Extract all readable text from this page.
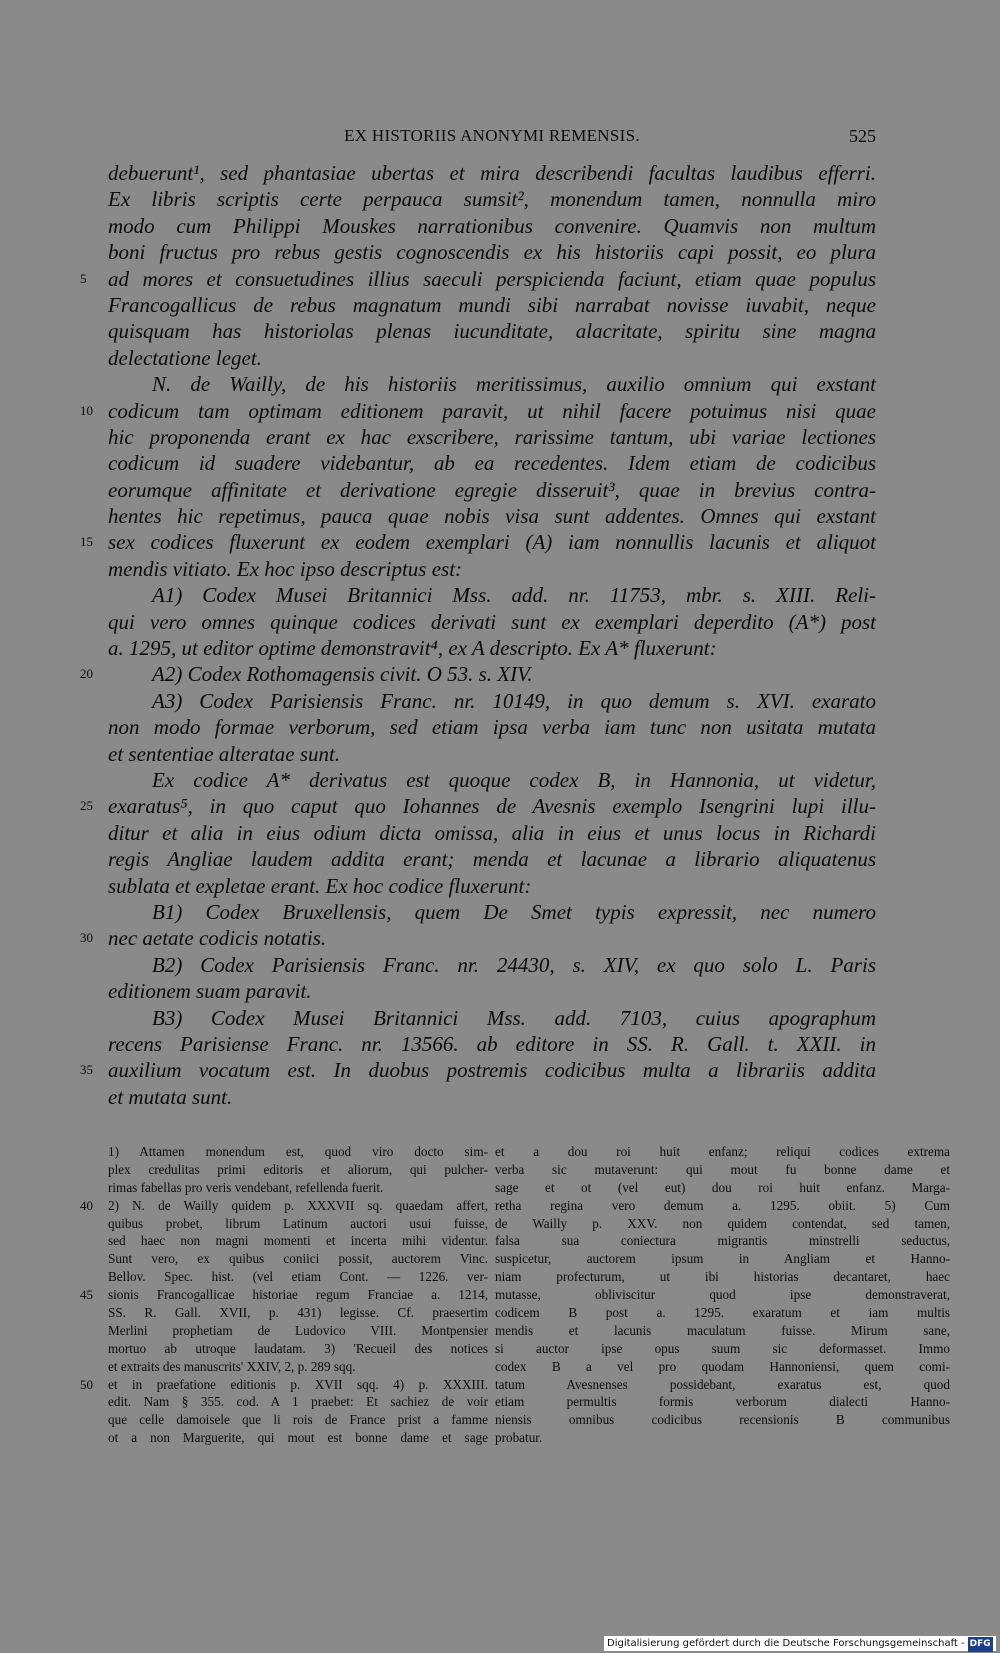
EX HISTORIIS ANONYMI REMENSIS.	525
debuerunt¹, sed phantasiae ubertas et mira describendi facultas laudibus efferri.
Ex libris scriptis certe perpauca sumsit², monendum tamen, nonnulla miro
modo cum Philippi Mouskes narrationibus convenire. Quamvis non multum
boni fructus pro rebus gestis cognoscendis ex his historiis capi possit, eo plura
5	ad mores et consuetudines illius saeculi perspicienda faciunt, etiam quae populus
Francogallicus de rebus magnatum mundi sibi narrabat novisse iuvabit, neque
quisquam has historiolas plenas iucunditate, alacritate, spiritu sine magna
delectatione leget.
N. de Wailly, de his historiis meritissimus, auxilio omnium qui exstant
10 codicum tam optimam editionem paravit, ut nihil facere potuimus nisi quae
hic proponenda erant ex hac exscribere, rarissime tantum, ubi variae lectiones
codicum id suadere videbantur, ab ea recedentes. Idem etiam de codicibus
eorumque affinitate et derivatione egregie disseruit³, quae in brevius contra-
hentes hic repetimus, pauca quae nobis visa sunt addentes. Omnes qui exstant
15 sex codices fluxerunt ex eodem exemplari (A) iam nonnullis lacunis et aliquot
mendis vitiato. Ex hoc ipso descriptus est:
A1) Codex Musei Britannici Mss. add. nr. 11753, mbr. s. XIII. Reli-
qui vero omnes quinque codices derivati sunt ex exemplari deperdito (A*) post
a. 1295, ut editor optime demonstravit⁴, ex A descripto. Ex A* fluxerunt:
20	A2) Codex Rothomagensis civit. O 53. s. XIV.
A3) Codex Parisiensis Franc. nr. 10149, in quo demum s. XVI. exarato
non modo formae verborum, sed etiam ipsa verba iam tunc non usitata mutata
et sententiae alteratae sunt.
Ex codice A* derivatus est quoque codex B, in Hannonia, ut videtur,
25 exaratus⁵, in quo caput quo Iohannes de Avesnis exemplo Isengrini lupi illu-
ditur et alia in eius odium dicta omissa, alia in eius et unus locus in Richardi
regis Angliae laudem addita erant; menda et lacunae a librario aliquatenus
sublata et expletae erant. Ex hoc codice fluxerunt:
B1) Codex Bruxellensis, quem De Smet typis expressit, nec numero
30 nec aetate codicis notatis.
B2) Codex Parisiensis Franc. nr. 24430, s. XIV, ex quo solo L. Paris
editionem suam paravit.
B3) Codex Musei Britannici Mss. add. 7103, cuius apographum
recens Parisiense Franc. nr. 13566. ab editore in SS. R. Gall. t. XXII. in
35 auxilium vocatum est. In duobus postremis codicibus multa a librariis addita
et mutata sunt.
1) Attamen monendum est, quod viro docto sim-
plex credulitas primi editoris et aliorum, qui pulcher-
rimas fabellas pro veris vendebant, refellenda fuerit.
40	2) N. de Wailly quidem p. XXXVII sq. quaedam affert,
quibus probet, librum Latinum auctori usui fuisse,
sed haec non magni momenti et incerta mihi videntur.
Sunt vero, ex quibus coniici possit, auctorem Vinc.
Bellov. Spec. hist. (vel etiam Cont. — 1226. ver-
45	sionis Francogallicae historiae regum Franciae a. 1214,
SS. R. Gall. XVII, p. 431) legisse. Cf. praesertim
Merlini prophetiam de Ludovico VIII. Montpensier
mortuo ab utroque laudatam. 3) 'Recueil des notices
et extraits des manuscrits' XXIV, 2, p. 289 sqq.
50	et in praefatione editionis p. XVII sqq. 4) p. XXXIII.
edit. Nam § 355. cod. A 1 praebet: Et sachiez de voir
que celle damoisele que li rois de France prist a famme
ot a non Marguerite, qui mout est bonne dame et sage
et a dou roi huit enfanz; reliqui codices extrema
verba sic mutaverunt: qui mout fu bonne dame et
sage et ot (vel eut) dou roi huit enfanz. Marga-
retha regina vero demum a. 1295. obiit. 5) Cum
de Wailly p. XXV. non quidem contendat, sed tamen,
falsa sua coniectura migrantis minstrelli seductus,
suspicetur, auctorem ipsum in Angliam et Hanno-
niam profecturum, ut ibi historias decantaret, haec
mutasse, obliviscitur quod ipse demonstraverat,
codicem B post a. 1295. exaratum et iam multis
mendis et lacunis maculatum fuisse. Mirum sane,
si auctor ipse opus suum sic deformasset. Immo
codex B a vel pro quodam Hannoniensi, quem comi-
tatum Avesnenses possidebant, exaratus est, quod
etiam permultis formis verborum dialecti Hanno-
niensis omnibus codicibus recensionis B communibus
probatur.
Digitalisierung gefördert durch die Deutsche Forschungsgemeinschaft - DFG
